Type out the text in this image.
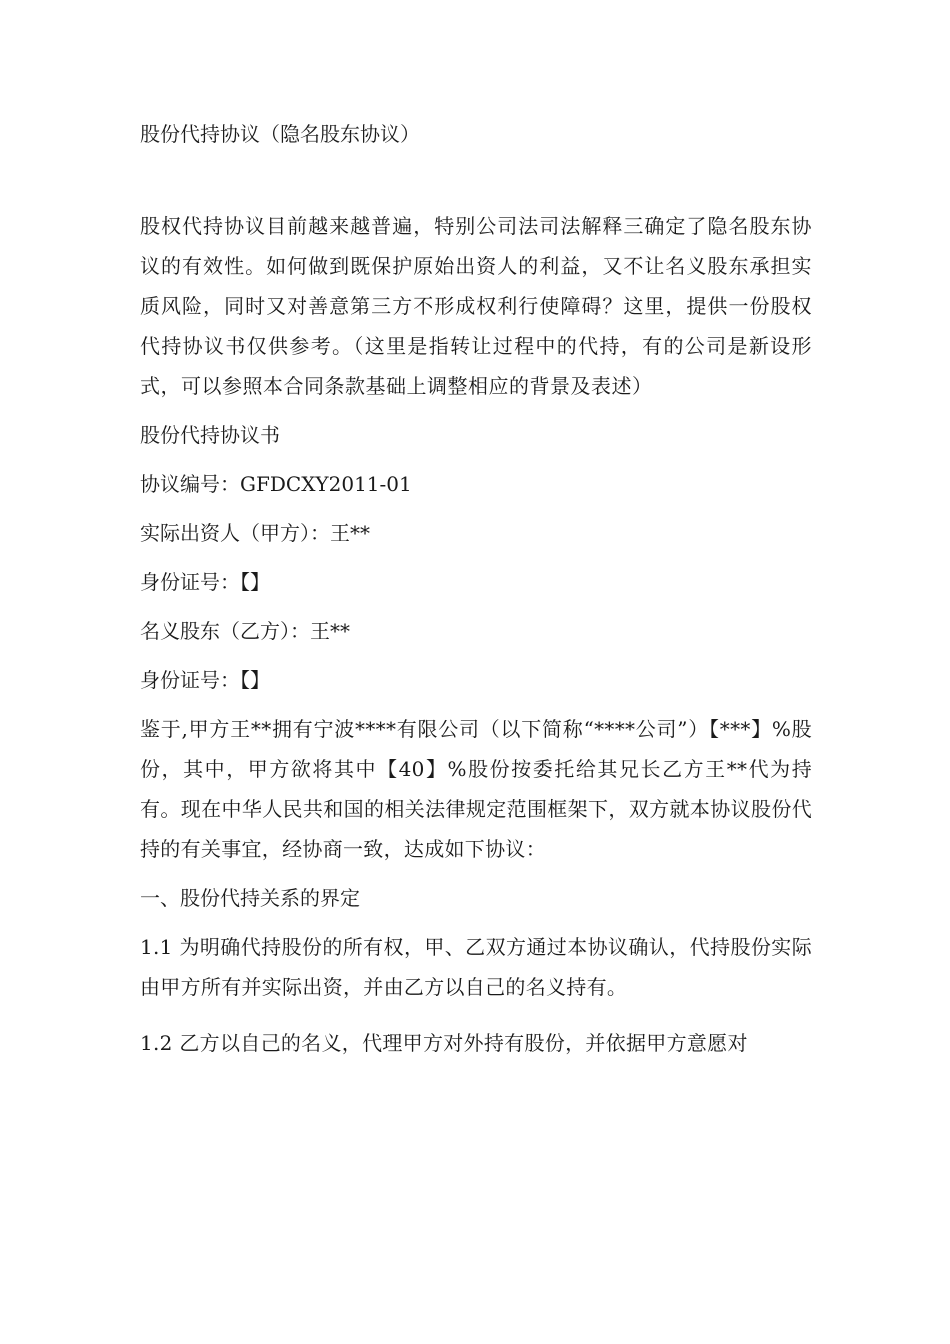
股份代持协议（隐名股东协议）

股权代持协议目前越来越普遍，特别公司法司法解释三确定了隐名股东协议的有效性。如何做到既保护原始出资人的利益，又不让名义股东承担实质风险，同时又对善意第三方不形成权利行使障碍？这里，提供一份股权代持协议书仅供参考。（这里是指转让过程中的代持，有的公司是新设形式，可以参照本合同条款基础上调整相应的背景及表述）

股份代持协议书

协议编号：GFDCXY2011-01

实际出资人（甲方）：王**

身份证号：【】

名义股东（乙方）：王**

身份证号：【】

鉴于,甲方王**拥有宁波****有限公司（以下简称“****公司”）【***】%股份，其中，甲方欲将其中【40】%股份按委托给其兄长乙方王**代为持有。现在中华人民共和国的相关法律规定范围框架下，双方就本协议股份代持的有关事宜，经协商一致，达成如下协议：

一、股份代持关系的界定

1.1 为明确代持股份的所有权，甲、乙双方通过本协议确认，代持股份实际由甲方所有并实际出资，并由乙方以自己的名义持有。

1.2 乙方以自己的名义，代理甲方对外持有股份，并依据甲方意愿对
